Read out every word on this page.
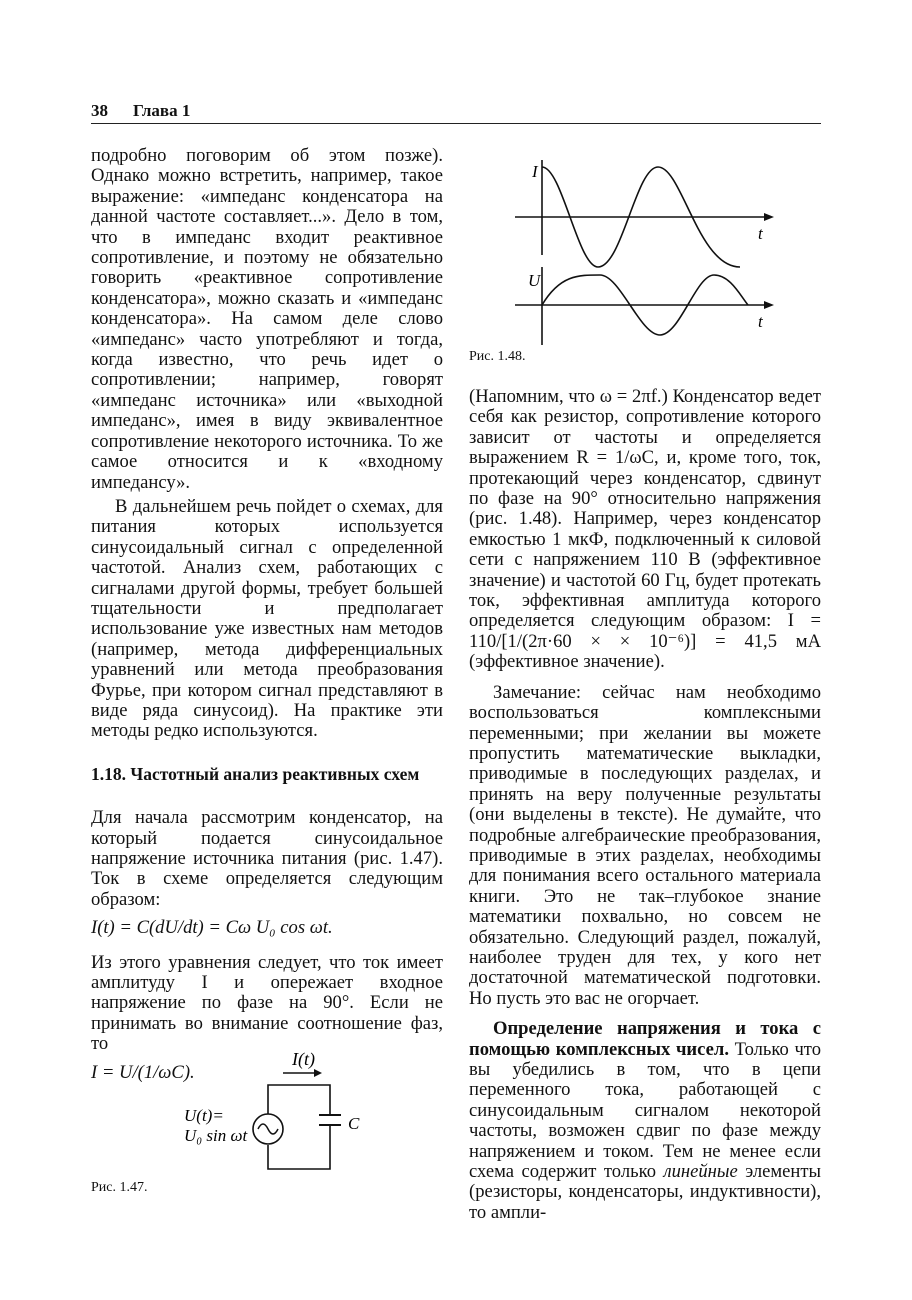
38 Глава 1

подробно поговорим об этом позже). Однако можно встретить, например, такое выражение: «импеданс конденсатора на данной частоте составляет...». Дело в том, что в импеданс входит реактивное сопротивление, и поэтому не обязательно говорить «реактивное сопротивление конденсатора», можно сказать и «импеданс конденсатора». На самом деле слово «импеданс» часто употребляют и тогда, когда известно, что речь идет о сопротивлении; например, говорят «импеданс источника» или «выходной импеданс», имея в виду эквивалентное сопротивление некоторого источника. То же самое относится и к «входному импедансу».

В дальнейшем речь пойдет о схемах, для питания которых используется синусоидальный сигнал с определенной частотой. Анализ схем, работающих с сигналами другой формы, требует большей тщательности и предполагает использование уже известных нам методов (например, метода дифференциальных уравнений или метода преобразования Фурье, при котором сигнал представляют в виде ряда синусоид). На практике эти методы редко используются.

1.18. Частотный анализ реактивных схем

Для начала рассмотрим конденсатор, на который подается синусоидальное напряжение источника питания (рис. 1.47). Ток в схеме определяется следующим образом:

I(t) = C(dU/dt) = Cω U₀ cos ωt.

Из этого уравнения следует, что ток имеет амплитуду I и опережает входное напряжение по фазе на 90°. Если не принимать во внимание соотношение фаз, то

I = U/(1/ωC).

I(t)
C
U(t)=
U₀ sin ωt
Рис. 1.47.
I
t
U
t
Рис. 1.48.

(Напомним, что ω = 2πf.) Конденсатор ведет себя как резистор, сопротивление которого зависит от частоты и определяется выражением R = 1/ωC, и, кроме того, ток, протекающий через конденсатор, сдвинут по фазе на 90° относительно напряжения (рис. 1.48). Например, через конденсатор емкостью 1 мкФ, подключенный к силовой сети с напряжением 110 В (эффективное значение) и частотой 60 Гц, будет протекать ток, эффективная амплитуда которого определяется следующим образом: I = 110/[1/(2π·60 × × 10⁻⁶)] = 41,5 мА (эффективное значение).

Замечание: сейчас нам необходимо воспользоваться комплексными переменными; при желании вы можете пропустить математические выкладки, приводимые в последующих разделах, и принять на веру полученные результаты (они выделены в тексте). Не думайте, что подробные алгебраические преобразования, приводимые в этих разделах, необходимы для понимания всего остального материала книги. Это не так–глубокое знание математики похвально, но совсем не обязательно. Следующий раздел, пожалуй, наиболее труден для тех, у кого нет достаточной математической подготовки. Но пусть это вас не огорчает.

Определение напряжения и тока с помощью комплексных чисел. Только что вы убедились в том, что в цепи переменного тока, работающей с синусоидальным сигналом некоторой частоты, возможен сдвиг по фазе между напряжением и током. Тем не менее если схема содержит только линейные элементы (резисторы, конденсаторы, индуктивности), то ампли-
